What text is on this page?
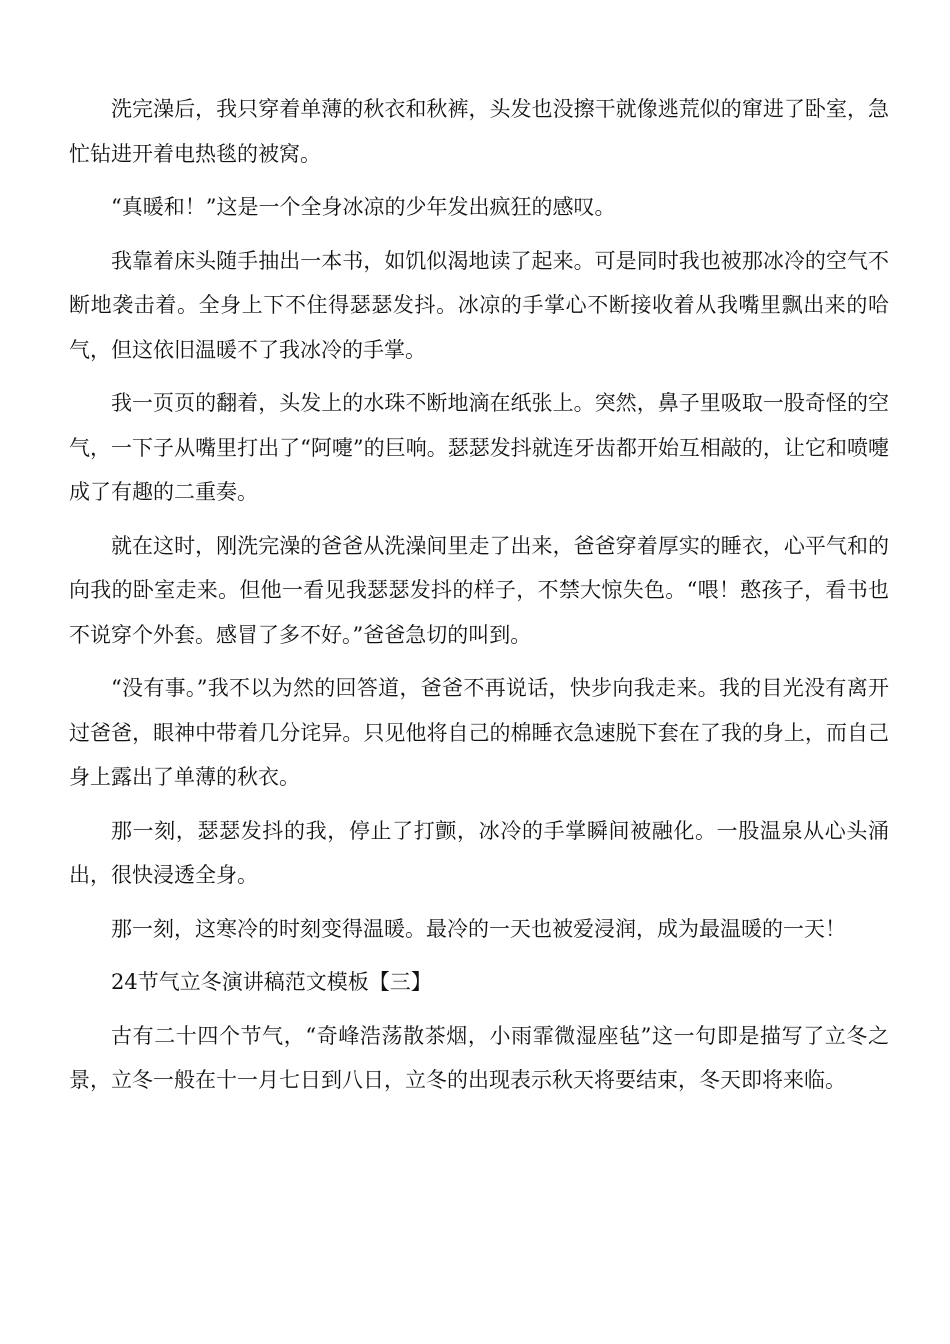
洗完澡后，我只穿着单薄的秋衣和秋裤，头发也没擦干就像逃荒似的窜进了卧室，急忙钻进开着电热毯的被窝。

“真暖和！”这是一个全身冰凉的少年发出疯狂的感叹。

我靠着床头随手抽出一本书，如饥似渴地读了起来。可是同时我也被那冰冷的空气不断地袭击着。全身上下不住得瑟瑟发抖。冰凉的手掌心不断接收着从我嘴里飘出来的哈气，但这依旧温暖不了我冰冷的手掌。

我一页页的翻着，头发上的水珠不断地滴在纸张上。突然，鼻子里吸取一股奇怪的空气，一下子从嘴里打出了“阿嚏”的巨响。瑟瑟发抖就连牙齿都开始互相敲的，让它和喷嚏成了有趣的二重奏。

就在这时，刚洗完澡的爸爸从洗澡间里走了出来，爸爸穿着厚实的睡衣，心平气和的向我的卧室走来。但他一看见我瑟瑟发抖的样子，不禁大惊失色。“喂！憨孩子，看书也不说穿个外套。感冒了多不好。”爸爸急切的叫到。

“没有事。”我不以为然的回答道，爸爸不再说话，快步向我走来。我的目光没有离开过爸爸，眼神中带着几分诧异。只见他将自己的棉睡衣急速脱下套在了我的身上，而自己身上露出了单薄的秋衣。

那一刻，瑟瑟发抖的我，停止了打颤，冰冷的手掌瞬间被融化。一股温泉从心头涌出，很快浸透全身。

那一刻，这寒冷的时刻变得温暖。最冷的一天也被爱浸润，成为最温暖的一天！

24节气立冬演讲稿范文模板【三】

古有二十四个节气，“奇峰浩荡散茶烟，小雨霏微湿座毡”这一句即是描写了立冬之景，立冬一般在十一月七日到八日，立冬的出现表示秋天将要结束，冬天即将来临。
